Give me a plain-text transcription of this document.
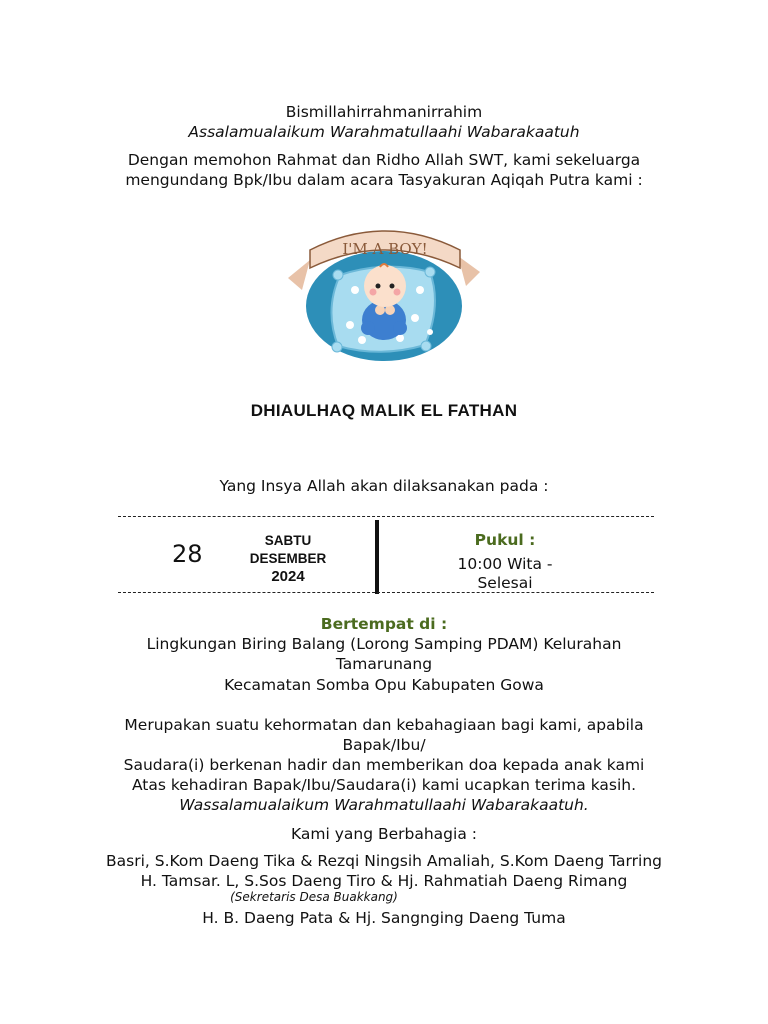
Bismillahirrahmanirrahim
Assalamualaikum Warahmatullaahi Wabarakaatuh
Dengan memohon Rahmat dan Ridho Allah SWT, kami sekeluarga
mengundang Bpk/Ibu dalam acara Tasyakuran Aqiqah Putra kami :
I'M A BOY!
DHIAULHAQ MALIK EL FATHAN
Yang Insya Allah akan dilaksanakan pada :
28	SABTU
DESEMBER
2024
Pukul :
10:00 Wita -
Selesai
Bertempat di :
Lingkungan Biring Balang (Lorong Samping PDAM) Kelurahan
Tamarunang
Kecamatan Somba Opu Kabupaten Gowa
Merupakan suatu kehormatan dan kebahagiaan bagi kami, apabila
Bapak/Ibu/
Saudara(i) berkenan hadir dan memberikan doa kepada anak kami
Atas kehadiran Bapak/Ibu/Saudara(i) kami ucapkan terima kasih.
Wassalamualaikum Warahmatullaahi Wabarakaatuh.
Kami yang Berbahagia :
Basri, S.Kom Daeng Tika & Rezqi Ningsih Amaliah, S.Kom Daeng Tarring
H. Tamsar. L, S.Sos Daeng Tiro & Hj. Rahmatiah Daeng Rimang
(Sekretaris Desa Buakkang)
H. B. Daeng Pata & Hj. Sangnging Daeng Tuma
